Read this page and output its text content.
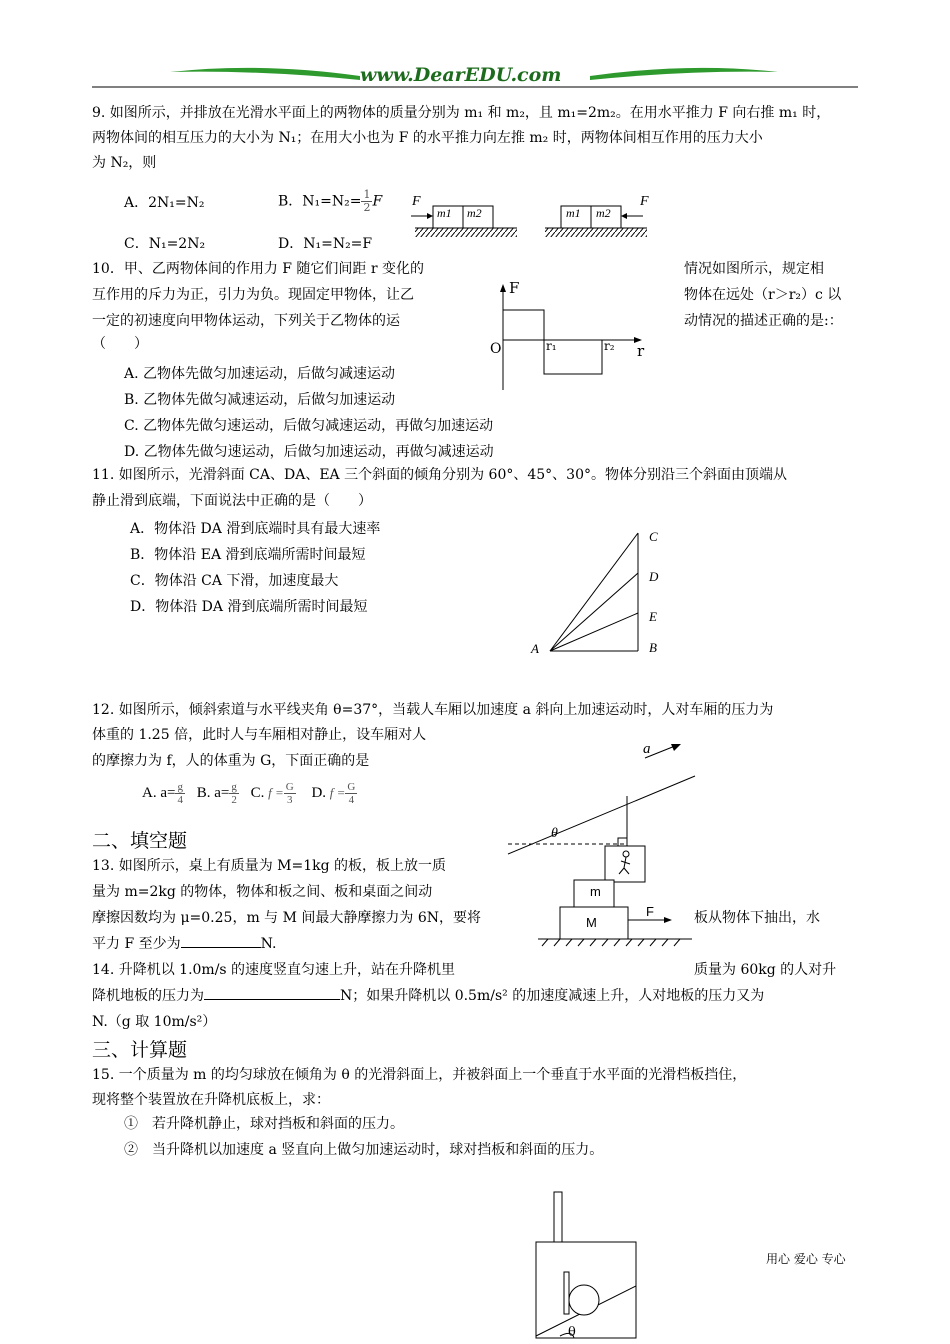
www.DearEDU.com
9. 如图所示，并排放在光滑水平面上的两物体的质量分别为 m₁ 和 m₂，且 m₁=2m₂。在用水平推力 F 向右推 m₁ 时，
两物体间的相互压力的大小为 N₁；在用大小也为 F 的水平推力向左推 m₂ 时，两物体间相互作用的压力大小
为 N₂，则
A．2N₁=N₂	B．$N_1=N_2= \frac{1}{2}$ F
C．N₁=2N₂	D．N₁=N₂=F
F
m1 m2	m1 m2
F
10．甲、乙两物体间的作用力 F 随它们间距 r 变化的	情况如图所示，规定相
互作用的斥力为正，引力为负。现固定甲物体，让乙	物体在远处（r＞r₂）c 以
一定的初速度向甲物体运动，下列关于乙物体的运	动情况的描述正确的是:：
（　　）
A. 乙物体先做匀加速运动，后做匀减速运动
B. 乙物体先做匀减速运动，后做匀加速运动
C. 乙物体先做匀速运动，后做匀减速运动，再做匀加速运动
D. 乙物体先做匀速运动，后做匀加速运动，再做匀减速运动
F
O	r₁	r₂ r
11. 如图所示，光滑斜面 CA、DA、EA 三个斜面的倾角分别为 60°、45°、30°。物体分别沿三个斜面由顶端从
静止滑到底端，下面说法中正确的是（　　）
A．物体沿 DA 滑到底端时具有最大速率
B．物体沿 EA 滑到底端所需时间最短
C．物体沿 CA 下滑，加速度最大
D．物体沿 DA 滑到底端所需时间最短
C
D
E
B
A
12. 如图所示，倾斜索道与水平线夹角 θ=37°，当载人车厢以加速度 a 斜向上加速运动时，人对车厢的压力为
体重的 1.25 倍，此时人与车厢相对静止，设车厢对人
的摩擦力为 f，人的体重为 G，下面正确的是
A. $a= \frac{g}{4} B$. $a= \frac{g}{2} C$. $f = \frac{G}{3} D$. $f = \frac{G}{4}$
a
θ
二、填空题
13. 如图所示，桌上有质量为 M=1kg 的板，板上放一质
量为 m=2kg 的物体，物体和板之间、板和桌面之间动
摩擦因数均为 μ=0.25，m 与 M 间最大静摩擦力为 6N，要将	板从物体下抽出，水
平力 F 至少为	N.
m
M
F
14. 升降机以 1.0m/s 的速度竖直匀速上升，站在升降机里	质量为 60kg 的人对升
降机地板的压力为	N；如果升降机以 0.5m/s² 的加速度减速上升，人对地板的压力又为
N.（g 取 10m/s²）
三、计算题
15. 一个质量为 m 的均匀球放在倾角为 θ 的光滑斜面上，并被斜面上一个垂直于水平面的光滑档板挡住，
现将整个装置放在升降机底板上，求：
①　若升降机静止，球对挡板和斜面的压力。
②　当升降机以加速度 a 竖直向上做匀加速运动时，球对挡板和斜面的压力。
θ
用心 爱心 专心
